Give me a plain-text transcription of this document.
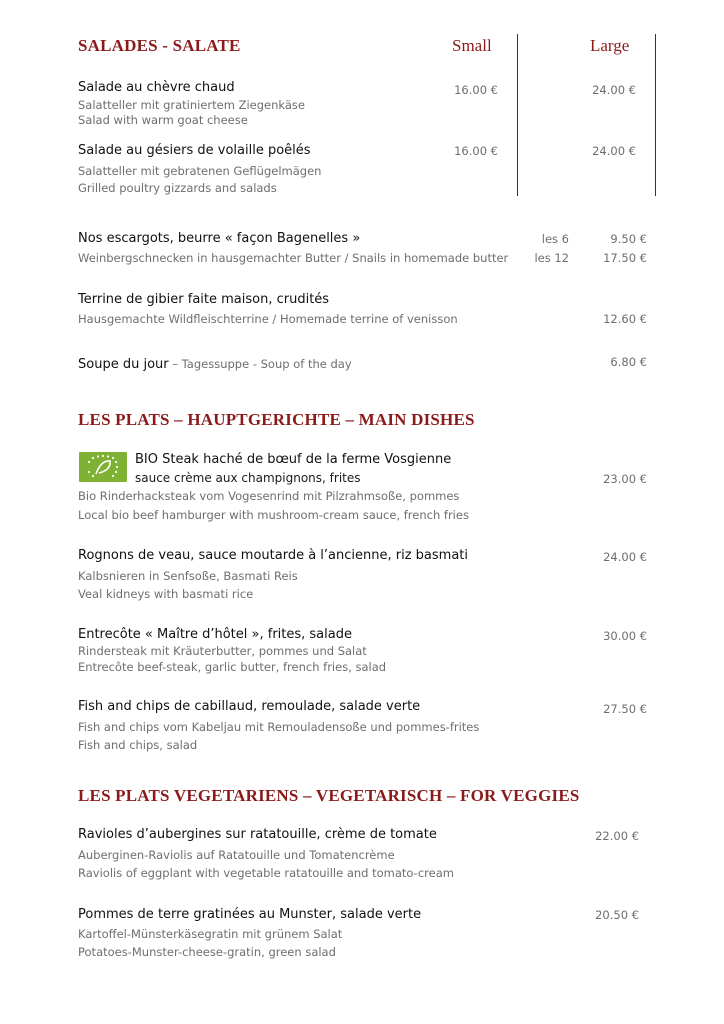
SALADES - SALATE	Small	Large
Salade au chèvre chaud
Salatteller mit gratiniertem Ziegenkäse
Salad with warm goat cheese
16.00 €	24.00 €
Salade au gésiers de volaille poêlés
Salatteller mit gebratenen Geflügelmägen
Grilled poultry gizzards and salads
16.00 €	24.00 €
Nos escargots, beurre « façon Bagenelles »
Weinbergschnecken in hausgemachter Butter / Snails in homemade butter
les 6	9.50 €
les 12	17.50 €
Terrine de gibier faite maison, crudités
Hausgemachte Wildfleischterrine / Homemade terrine of venisson	12.60 €
Soupe du jour – Tagessuppe - Soup of the day	6.80 €
LES PLATS – HAUPTGERICHTE – MAIN DISHES
BIO Steak haché de bœuf de la ferme Vosgienne
sauce crème aux champignons, frites
Bio Rinderhacksteak vom Vogesenrind mit Pilzrahmsoße, pommes
Local bio beef hamburger with mushroom-cream sauce, french fries
23.00 €
Rognons de veau, sauce moutarde à l’ancienne, riz basmati
Kalbsnieren in Senfsoße, Basmati Reis
Veal kidneys with basmati rice
24.00 €
Entrecôte « Maître d’hôtel », frites, salade
Rindersteak mit Kräuterbutter, pommes und Salat
Entrecôte beef-steak, garlic butter, french fries, salad
30.00 €
Fish and chips de cabillaud, remoulade, salade verte
Fish and chips vom Kabeljau mit Remouladensoße und pommes-frites
Fish and chips, salad
27.50 €
LES PLATS VEGETARIENS – VEGETARISCH – FOR VEGGIES
Ravioles d’aubergines sur ratatouille, crème de tomate
Auberginen-Raviolis auf Ratatouille und Tomatencrème
Raviolis of eggplant with vegetable ratatouille and tomato-cream
22.00 €
Pommes de terre gratinées au Munster, salade verte
Kartoffel-Münsterkäsegratin mit grünem Salat
Potatoes-Munster-cheese-gratin, green salad
20.50 €
